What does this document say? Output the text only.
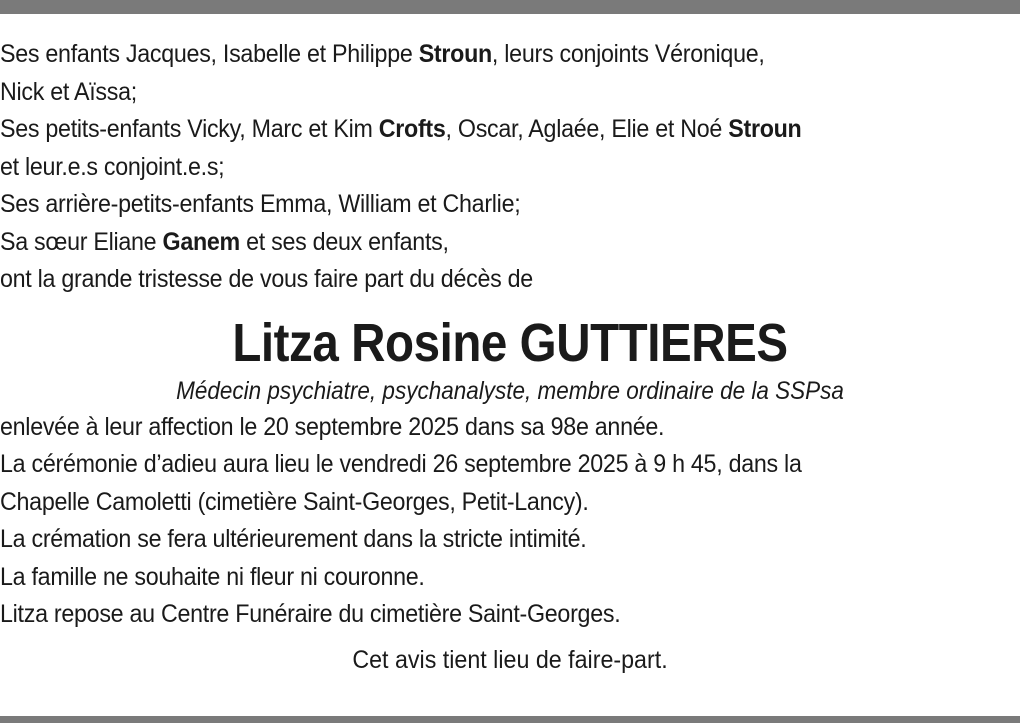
Ses enfants Jacques, Isabelle et Philippe Stroun, leurs conjoints Véronique,
Nick et Aïssa;
Ses petits-enfants Vicky, Marc et Kim Crofts, Oscar, Aglaée, Elie et Noé Stroun
et leur.e.s conjoint.e.s;
Ses arrière-petits-enfants Emma, William et Charlie;
Sa sœur Eliane Ganem et ses deux enfants,
ont la grande tristesse de vous faire part du décès de
Litza Rosine GUTTIERES
Médecin psychiatre, psychanalyste, membre ordinaire de la SSPsa
enlevée à leur affection le 20 septembre 2025 dans sa 98e année.
La cérémonie d’adieu aura lieu le vendredi 26 septembre 2025 à 9 h 45, dans la
Chapelle Camoletti (cimetière Saint-Georges, Petit-Lancy).
La crémation se fera ultérieurement dans la stricte intimité.
La famille ne souhaite ni fleur ni couronne.
Litza repose au Centre Funéraire du cimetière Saint-Georges.
Cet avis tient lieu de faire-part.
